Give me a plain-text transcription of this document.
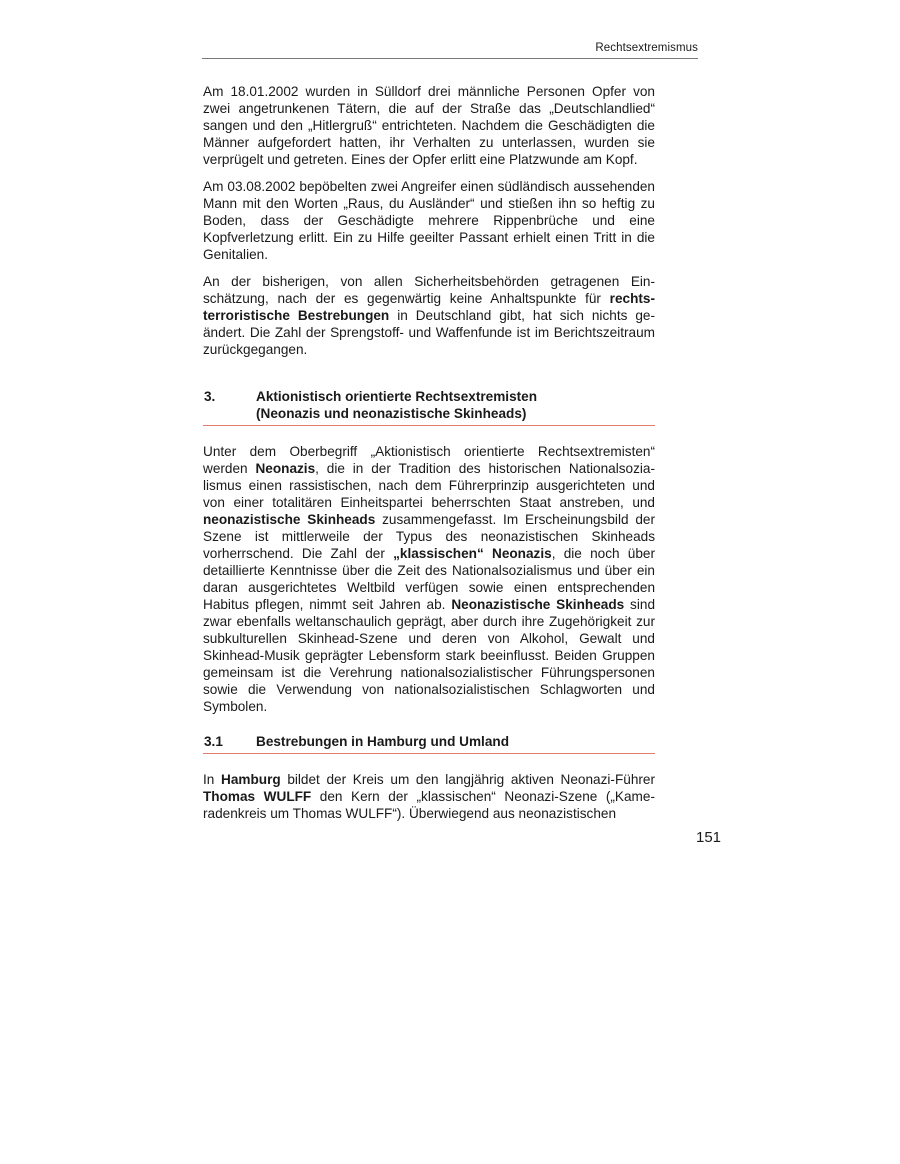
Rechtsextremismus

Am 18.01.2002 wurden in Sülldorf drei männliche Personen Opfer von zwei angetrunkenen Tätern, die auf der Straße das „Deutschlandlied“ sangen und den „Hitlergruß“ entrichteten. Nachdem die Geschädigten die Männer aufgefordert hatten, ihr Verhalten zu unterlassen, wurden sie verprügelt und getreten. Eines der Opfer erlitt eine Platzwunde am Kopf.

Am 03.08.2002 bepöbelten zwei Angreifer einen südländisch aussehenden Mann mit den Worten „Raus, du Ausländer“ und stießen ihn so heftig zu Boden, dass der Geschädigte mehrere Rippenbrüche und eine Kopfverletzung erlitt. Ein zu Hilfe geeilter Passant erhielt einen Tritt in die Genitalien.

An der bisherigen, von allen Sicherheitsbehörden getragenen Einschätzung, nach der es gegenwärtig keine Anhaltspunkte für rechtsterroristische Bestrebungen in Deutschland gibt, hat sich nichts geändert. Die Zahl der Sprengstoff- und Waffenfunde ist im Berichtszeitraum zurückgegangen.

3.	Aktionistisch orientierte Rechtsextremisten
(Neonazis und neonazistische Skinheads)

Unter dem Oberbegriff „Aktionistisch orientierte Rechtsextremisten“ werden Neonazis, die in der Tradition des historischen Nationalsozialismus einen rassistischen, nach dem Führerprinzip ausgerichteten und von einer totalitären Einheitspartei beherrschten Staat anstreben, und neonazistische Skinheads zusammengefasst. Im Erscheinungsbild der Szene ist mittlerweile der Typus des neonazistischen Skinheads vorherrschend. Die Zahl der „klassischen“ Neonazis, die noch über detaillierte Kenntnisse über die Zeit des Nationalsozialismus und über ein daran ausgerichtetes Weltbild verfügen sowie einen entsprechenden Habitus pflegen, nimmt seit Jahren ab. Neonazistische Skinheads sind zwar ebenfalls weltanschaulich geprägt, aber durch ihre Zugehörigkeit zur subkulturellen Skinhead-Szene und deren von Alkohol, Gewalt und Skinhead-Musik geprägter Lebensform stark beeinflusst. Beiden Gruppen gemeinsam ist die Verehrung nationalsozialistischer Führungspersonen sowie die Verwendung von nationalsozialistischen Schlagworten und Symbolen.

3.1 Bestrebungen in Hamburg und Umland

In Hamburg bildet der Kreis um den langjährig aktiven Neonazi-Führer Thomas WULFF den Kern der „klassischen“ Neonazi-Szene („Kameradenkreis um Thomas WULFF“). Überwiegend aus neonazistischen

151
